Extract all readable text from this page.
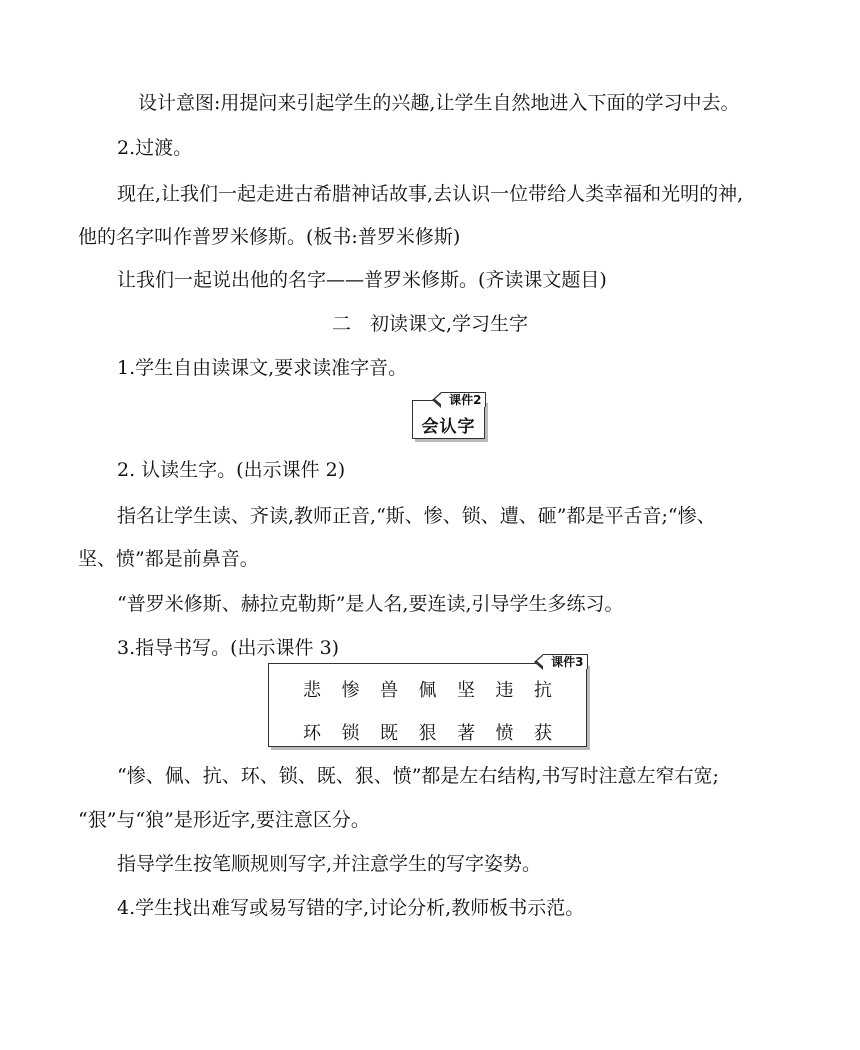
设计意图:用提问来引起学生的兴趣,让学生自然地进入下面的学习中去。
2.过渡。
现在,让我们一起走进古希腊神话故事,去认识一位带给人类幸福和光明的神,
他的名字叫作普罗米修斯。(板书:普罗米修斯)
让我们一起说出他的名字——普罗米修斯。(齐读课文题目)
二　初读课文,学习生字
1.学生自由读课文,要求读准字音。
课件2
会认字
2. 认读生字。(出示课件 2)
指名让学生读、齐读,教师正音,“斯、惨、锁、遭、砸”都是平舌音;“惨、
坚、愤”都是前鼻音。
“普罗米修斯、赫拉克勒斯”是人名,要连读,引导学生多练习。
3.指导书写。(出示课件 3)
课件3
悲	惨	兽	佩	坚	违	抗
环	锁	既	狠	著	愤	获
“惨、佩、抗、环、锁、既、狠、愤”都是左右结构,书写时注意左窄右宽;
“狠”与“狼”是形近字,要注意区分。
指导学生按笔顺规则写字,并注意学生的写字姿势。
4.学生找出难写或易写错的字,讨论分析,教师板书示范。
